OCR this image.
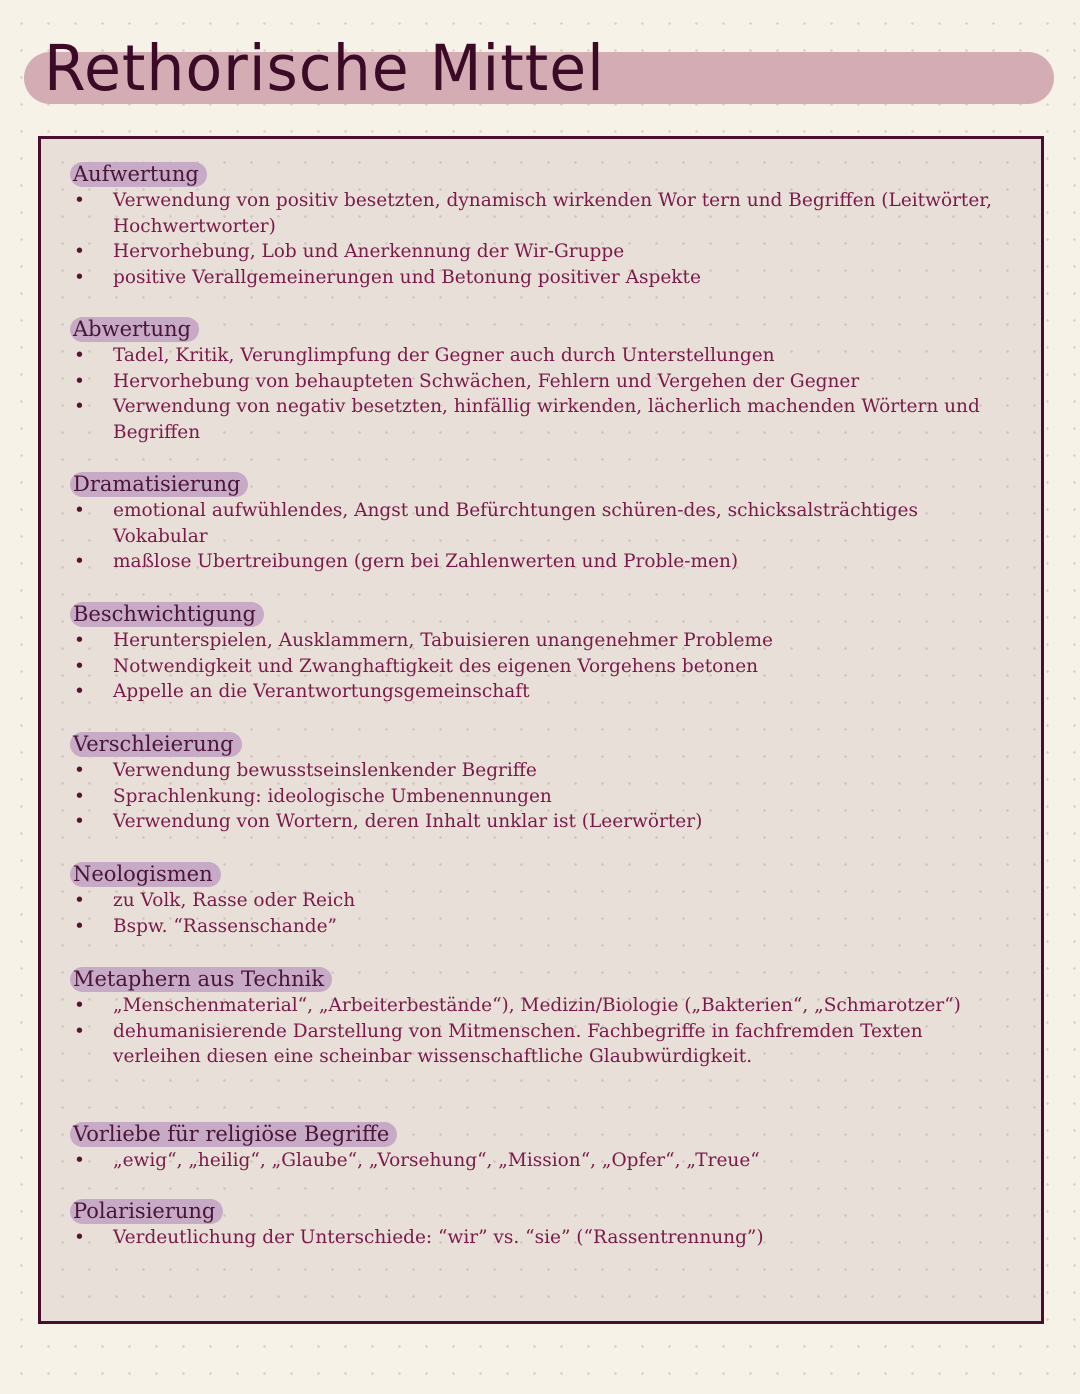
Rethorische Mittel
Aufwertung
• Verwendung von positiv besetzten, dynamisch wirkenden Wor tern und Begriffen (Leitwörter, Hochwertworter)
• Hervorhebung, Lob und Anerkennung der Wir-Gruppe
• positive Verallgemeinerungen und Betonung positiver Aspekte
Abwertung
• Tadel, Kritik, Verunglimpfung der Gegner auch durch Unterstellungen
• Hervorhebung von behaupteten Schwächen, Fehlern und Vergehen der Gegner
• Verwendung von negativ besetzten, hinfällig wirkenden, lächerlich machenden Wörtern und Begriffen
Dramatisierung
• emotional aufwühlendes, Angst und Befürchtungen schüren-des, schicksalsträchtiges Vokabular
• maßlose Ubertreibungen (gern bei Zahlenwerten und Proble-men)
Beschwichtigung
• Herunterspielen, Ausklammern, Tabuisieren unangenehmer Probleme
• Notwendigkeit und Zwanghaftigkeit des eigenen Vorgehens betonen
• Appelle an die Verantwortungsgemeinschaft
Verschleierung
• Verwendung bewusstseinslenkender Begriffe
• Sprachlenkung: ideologische Umbenennungen
• Verwendung von Wortern, deren Inhalt unklar ist (Leerwörter)
Neologismen
• zu Volk, Rasse oder Reich
• Bspw. “Rassenschande”
Metaphern aus Technik
• „Menschenmaterial“, „Arbeiterbestände“), Medizin/Biologie („Bakterien“, „Schmarotzer“)
• dehumanisierende Darstellung von Mitmenschen. Fachbegriffe in fachfremden Texten verleihen diesen eine scheinbar wissenschaftliche Glaubwürdigkeit.
Vorliebe für religiöse Begriffe
• „ewig“, „heilig“, „Glaube“, „Vorsehung“, „Mission“, „Opfer“, „Treue“
Polarisierung
• Verdeutlichung der Unterschiede: “wir” vs. “sie” (“Rassentrennung”)
